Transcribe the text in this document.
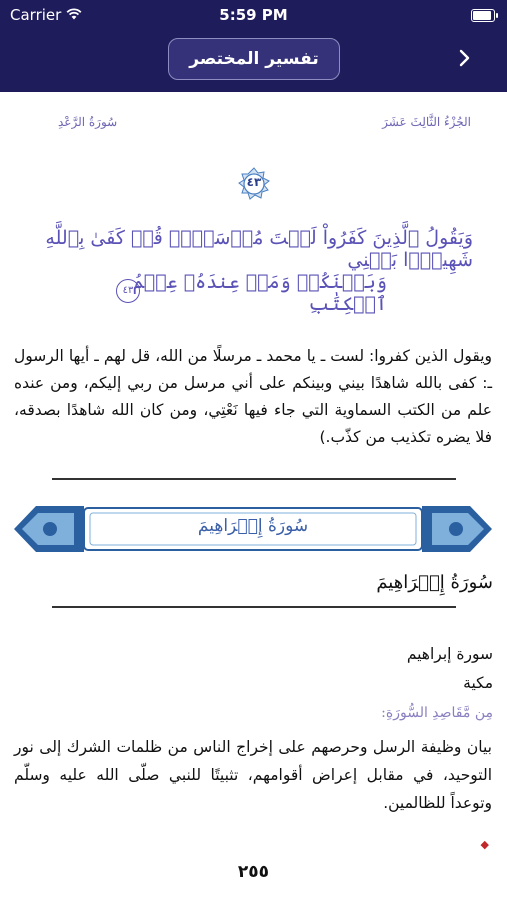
Carrier	5:59 PM
تفسير المختصر
سُورَةُ الرَّعْدِ	الجُزْءُ الثَّالِثَ عَشَرَ
٤٣
وَيَقُولُ ٱلَّذِينَ كَفَرُواْ لَسۡتَ مُرۡسَلٗاۚ قُلۡ كَفَىٰ بِٱللَّهِ شَهِيدَۢا بَيۡنِي
وَبَيۡنَكُمۡ وَمَنۡ عِندَهُۥ عِلۡمُ ٱلۡكِتَٰبِ
٤٣
ويقول الذين كفروا: لست ـ يا محمد ـ مرسلًا من الله، قل لهم ـ أيها الرسول ـ: كفى بالله شاهدًا بيني وبينكم على أني مرسل من ربي إليكم، ومن عنده علم من الكتب السماوية التي جاء فيها نَعْتِي، ومن كان الله شاهدًا بصدقه، فلا يضره تكذيب من كذّب.)
سُورَةُ إِبۡرَاهِيمَ
سُورَةُ إِبۡرَاهِيمَ
سورة إبراهيم
مكية
مِن مَّقَاصِدِ السُّورَةِ:
بيان وظيفة الرسل وحرصهم على إخراج الناس من ظلمات الشرك إلى نور التوحيد، في مقابل إعراض أقوامهم، تثبيتًا للنبي صلّى الله عليه وسلّم وتوعداً للظالمين.
◆
٢٥٥
